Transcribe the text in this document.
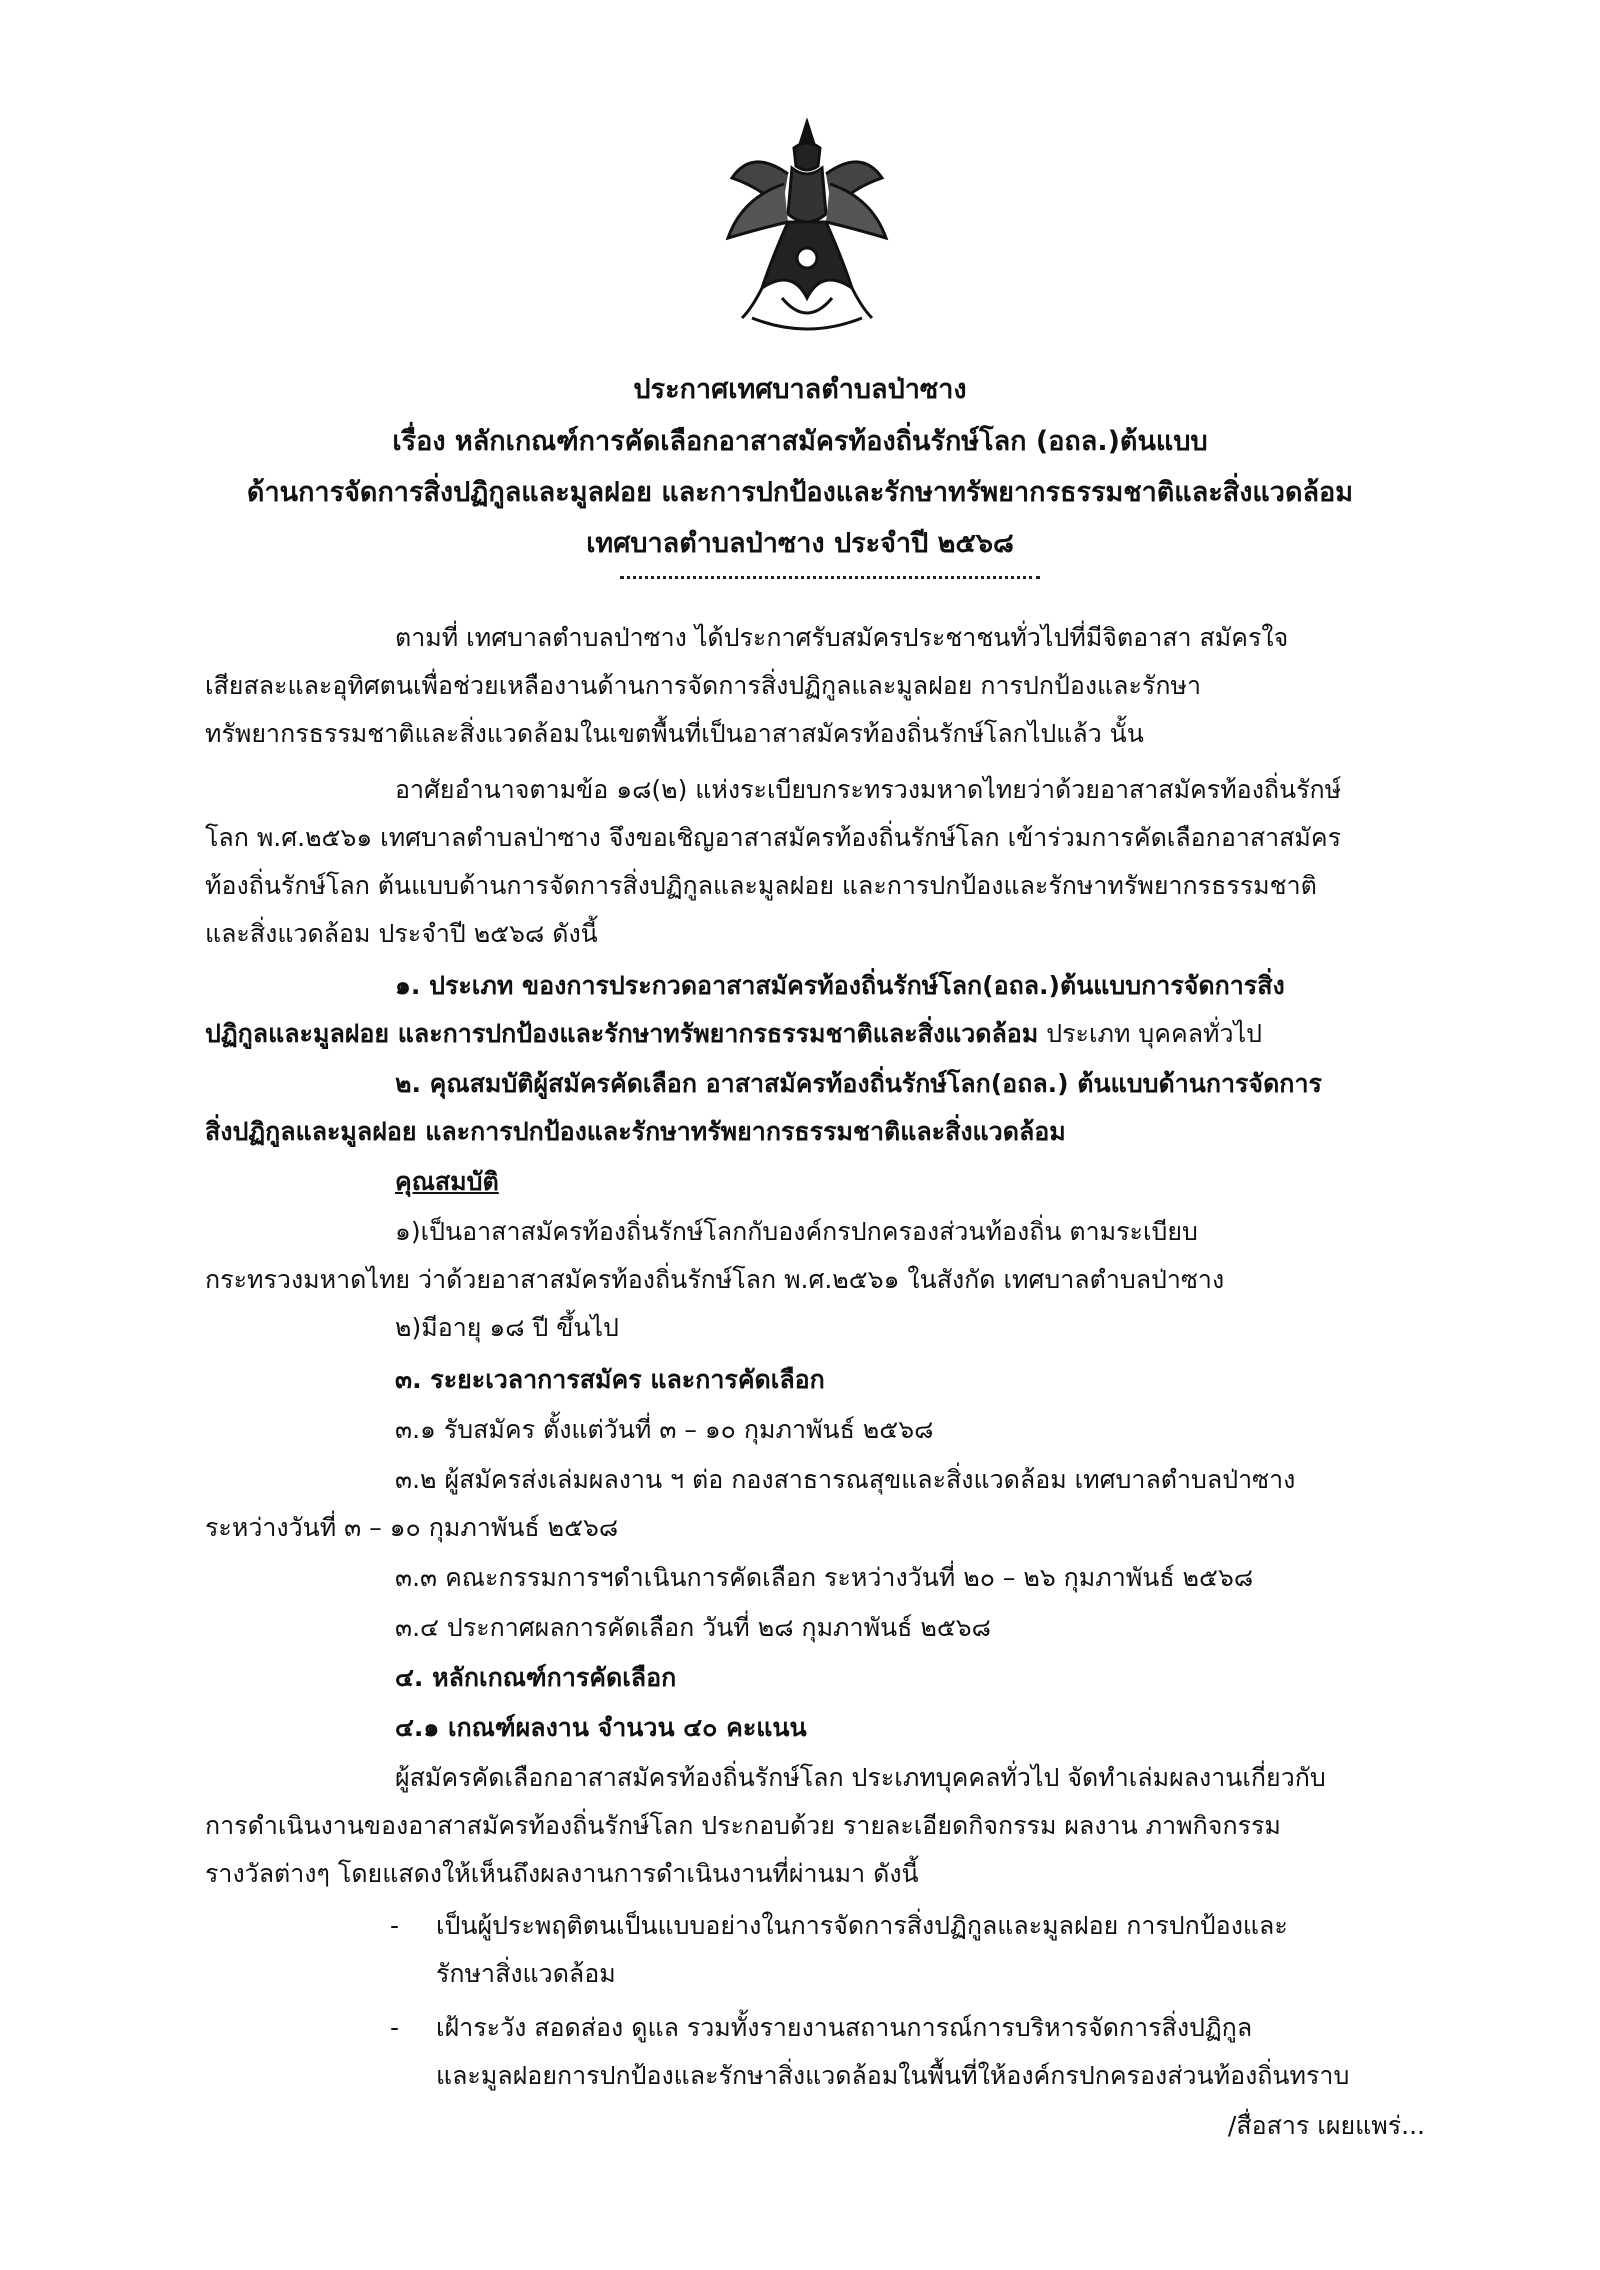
ประกาศเทศบาลตำบลป่าซาง

เรื่อง หลักเกณฑ์การคัดเลือกอาสาสมัครท้องถิ่นรักษ์โลก (อถล.)ต้นแบบ

ด้านการจัดการสิ่งปฏิกูลและมูลฝอย และการปกป้องและรักษาทรัพยากรธรรมชาติและสิ่งแวดล้อม

เทศบาลตำบลป่าซาง ประจำปี ๒๕๖๘

ตามที่ เทศบาลตำบลป่าซาง ได้ประกาศรับสมัครประชาชนทั่วไปที่มีจิตอาสา สมัครใจ

เสียสละและอุทิศตนเพื่อช่วยเหลืองานด้านการจัดการสิ่งปฏิกูลและมูลฝอย การปกป้องและรักษา

ทรัพยากรธรรมชาติและสิ่งแวดล้อมในเขตพื้นที่เป็นอาสาสมัครท้องถิ่นรักษ์โลกไปแล้ว นั้น

อาศัยอำนาจตามข้อ ๑๘(๒) แห่งระเบียบกระทรวงมหาดไทยว่าด้วยอาสาสมัครท้องถิ่นรักษ์

โลก พ.ศ.๒๕๖๑ เทศบาลตำบลป่าซาง จึงขอเชิญอาสาสมัครท้องถิ่นรักษ์โลก เข้าร่วมการคัดเลือกอาสาสมัคร

ท้องถิ่นรักษ์โลก ต้นแบบด้านการจัดการสิ่งปฏิกูลและมูลฝอย และการปกป้องและรักษาทรัพยากรธรรมชาติ

และสิ่งแวดล้อม ประจำปี ๒๕๖๘ ดังนี้

๑. ประเภท ของการประกวดอาสาสมัครท้องถิ่นรักษ์โลก(อถล.)ต้นแบบการจัดการสิ่ง

ปฏิกูลและมูลฝอย และการปกป้องและรักษาทรัพยากรธรรมชาติและสิ่งแวดล้อม ประเภท บุคคลทั่วไป

๒. คุณสมบัติผู้สมัครคัดเลือก อาสาสมัครท้องถิ่นรักษ์โลก(อถล.) ต้นแบบด้านการจัดการ

สิ่งปฏิกูลและมูลฝอย และการปกป้องและรักษาทรัพยากรธรรมชาติและสิ่งแวดล้อม

คุณสมบัติ

๑)เป็นอาสาสมัครท้องถิ่นรักษ์โลกกับองค์กรปกครองส่วนท้องถิ่น ตามระเบียบ

กระทรวงมหาดไทย ว่าด้วยอาสาสมัครท้องถิ่นรักษ์โลก พ.ศ.๒๕๖๑ ในสังกัด เทศบาลตำบลป่าซาง

๒)มีอายุ ๑๘ ปี ขึ้นไป

๓. ระยะเวลาการสมัคร และการคัดเลือก

๓.๑ รับสมัคร ตั้งแต่วันที่ ๓ – ๑๐ กุมภาพันธ์ ๒๕๖๘

๓.๒ ผู้สมัครส่งเล่มผลงาน ฯ ต่อ กองสาธารณสุขและสิ่งแวดล้อม เทศบาลตำบลป่าซาง

ระหว่างวันที่ ๓ – ๑๐ กุมภาพันธ์ ๒๕๖๘

๓.๓ คณะกรรมการฯดำเนินการคัดเลือก ระหว่างวันที่ ๒๐ – ๒๖ กุมภาพันธ์ ๒๕๖๘

๓.๔ ประกาศผลการคัดเลือก วันที่ ๒๘ กุมภาพันธ์ ๒๕๖๘

๔. หลักเกณฑ์การคัดเลือก

๔.๑ เกณฑ์ผลงาน จำนวน ๔๐ คะแนน

ผู้สมัครคัดเลือกอาสาสมัครท้องถิ่นรักษ์โลก ประเภทบุคคลทั่วไป จัดทำเล่มผลงานเกี่ยวกับ

การดำเนินงานของอาสาสมัครท้องถิ่นรักษ์โลก ประกอบด้วย รายละเอียดกิจกรรม ผลงาน ภาพกิจกรรม

รางวัลต่างๆ โดยแสดงให้เห็นถึงผลงานการดำเนินงานที่ผ่านมา ดังนี้

- เป็นผู้ประพฤติตนเป็นแบบอย่างในการจัดการสิ่งปฏิกูลและมูลฝอย การปกป้องและ

รักษาสิ่งแวดล้อม

- เฝ้าระวัง สอดส่อง ดูแล รวมทั้งรายงานสถานการณ์การบริหารจัดการสิ่งปฏิกูล

และมูลฝอยการปกป้องและรักษาสิ่งแวดล้อมในพื้นที่ให้องค์กรปกครองส่วนท้องถิ่นทราบ

/สื่อสาร เผยแพร่...
